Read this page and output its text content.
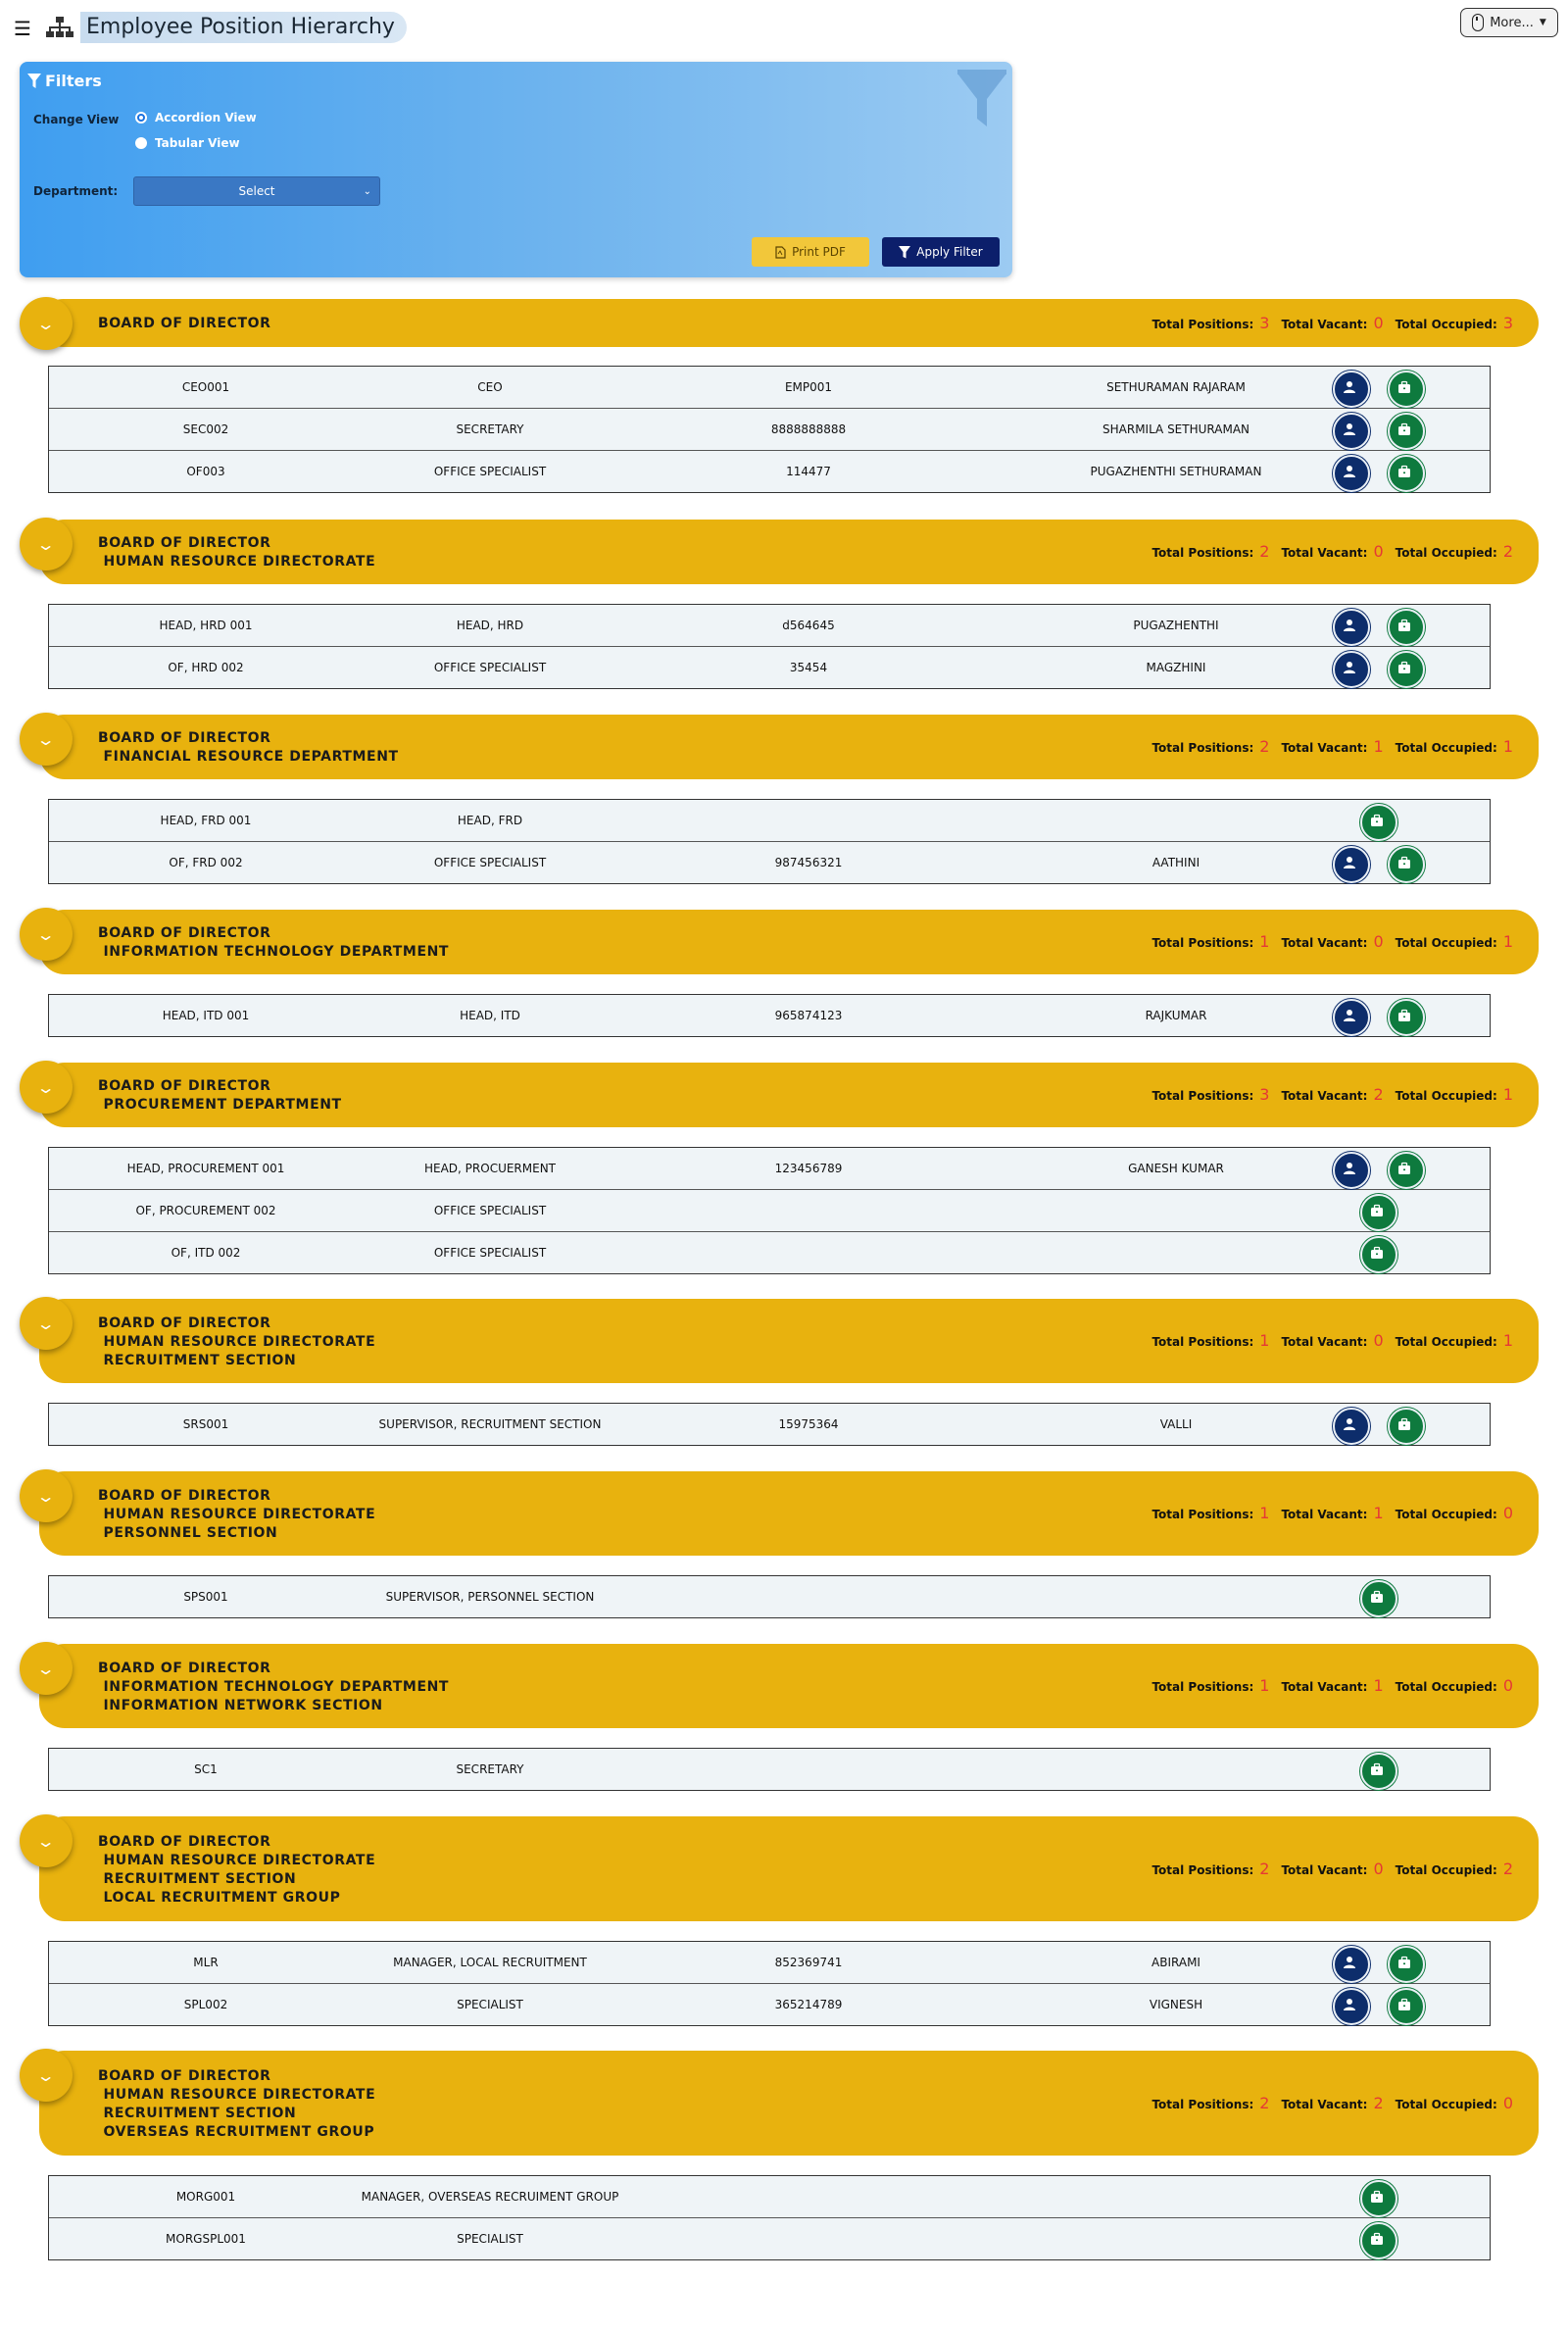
☰	Employee Position Hierarchy	More... ▼
Filters
Change View	Accordion View
Tabular View
Department:	Select	⌄
Print PDF	Apply Filter
BOARD OF DIRECTOR	Total Positions: 3 Total Vacant: 0 Total Occupied: 3
⌄
CEO001	CEO	EMP001	SETHURAMAN RAJARAM
SEC002	SECRETARY	8888888888	SHARMILA SETHURAMAN
OF003	OFFICE SPECIALIST	114477	PUGAZHENTHI SETHURAMAN
BOARD OF DIRECTOR
HUMAN RESOURCE DIRECTORATE
Total Positions: 2 Total Vacant: 0 Total Occupied: 2
⌄
HEAD, HRD 001	HEAD, HRD	d564645	PUGAZHENTHI
OF, HRD 002	OFFICE SPECIALIST	35454	MAGZHINI
BOARD OF DIRECTOR
FINANCIAL RESOURCE DEPARTMENT
Total Positions: 2 Total Vacant: 1 Total Occupied: 1
⌄
HEAD, FRD 001	HEAD, FRD
OF, FRD 002	OFFICE SPECIALIST	987456321	AATHINI
BOARD OF DIRECTOR
INFORMATION TECHNOLOGY DEPARTMENT
Total Positions: 1 Total Vacant: 0 Total Occupied: 1
⌄
HEAD, ITD 001	HEAD, ITD	965874123	RAJKUMAR
BOARD OF DIRECTOR
PROCUREMENT DEPARTMENT
Total Positions: 3 Total Vacant: 2 Total Occupied: 1
⌄
HEAD, PROCUREMENT 001	HEAD, PROCUERMENT	123456789	GANESH KUMAR
OF, PROCUREMENT 002	OFFICE SPECIALIST
OF, ITD 002	OFFICE SPECIALIST
BOARD OF DIRECTOR
HUMAN RESOURCE DIRECTORATE
RECRUITMENT SECTION
Total Positions: 1 Total Vacant: 0 Total Occupied: 1
⌄
SRS001	SUPERVISOR, RECRUITMENT SECTION	15975364	VALLI
BOARD OF DIRECTOR
HUMAN RESOURCE DIRECTORATE
PERSONNEL SECTION
Total Positions: 1 Total Vacant: 1 Total Occupied: 0
⌄
SPS001	SUPERVISOR, PERSONNEL SECTION
BOARD OF DIRECTOR
INFORMATION TECHNOLOGY DEPARTMENT
INFORMATION NETWORK SECTION
Total Positions: 1 Total Vacant: 1 Total Occupied: 0
⌄
SC1	SECRETARY
BOARD OF DIRECTOR
HUMAN RESOURCE DIRECTORATE
RECRUITMENT SECTION
LOCAL RECRUITMENT GROUP
Total Positions: 2 Total Vacant: 0 Total Occupied: 2
⌄
MLR	MANAGER, LOCAL RECRUITMENT	852369741	ABIRAMI
SPL002	SPECIALIST	365214789	VIGNESH
BOARD OF DIRECTOR
HUMAN RESOURCE DIRECTORATE
RECRUITMENT SECTION
OVERSEAS RECRUITMENT GROUP
Total Positions: 2 Total Vacant: 2 Total Occupied: 0
⌄
MORG001	MANAGER, OVERSEAS RECRUIMENT GROUP
MORGSPL001	SPECIALIST
